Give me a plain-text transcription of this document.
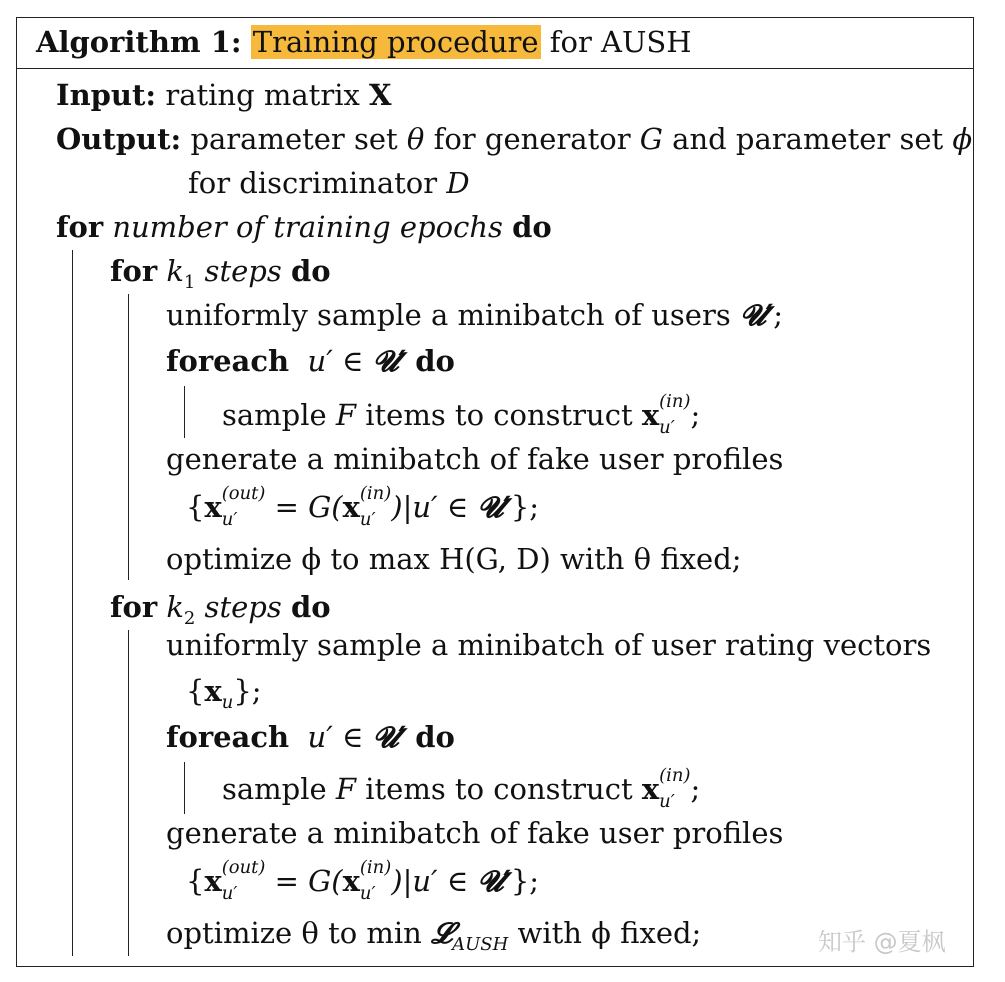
Algorithm 1: Training procedure for AUSH
Input: rating matrix X
Output: parameter set θ for generator G and parameter set ϕ
for discriminator D
for number of training epochs do
for $k_1$ steps do
uniformly sample a minibatch of users 𝓤′;
foreach u′ ∈ 𝓤′ do
sample F items to construct x (in)
u′ ;
generate a minibatch of fake user profiles
{x (out)
u′ = G(x (in)
u′ )|u′ ∈ 𝓤′};
optimize ϕ to max H(G, D) with θ fixed;
for $k_2$ steps do
uniformly sample a minibatch of user rating vectors
$\{x_u\}$;
foreach u′ ∈ 𝓤′ do
sample F items to construct x (in)
u′ ;
generate a minibatch of fake user profiles
{x (out)
u′ = G(x (in)
u′ )|u′ ∈ 𝓤′};
optimize θ to min 𝓛$_{AUSH}$ with ϕ fixed;	知乎 @夏枫
